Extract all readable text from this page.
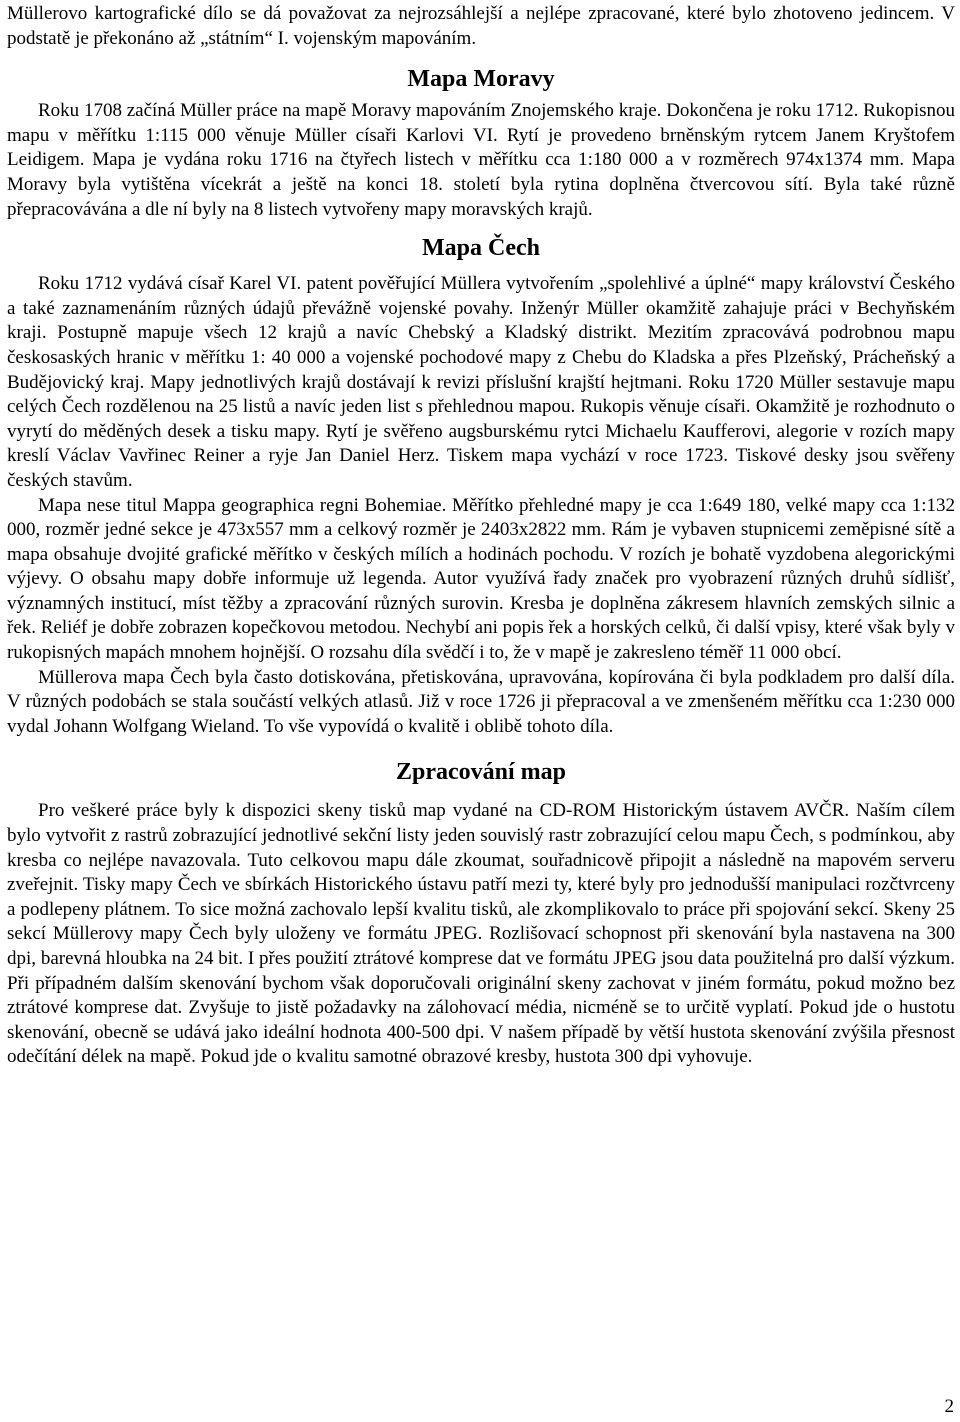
Müllerovo kartografické dílo se dá považovat za nejrozsáhlejší a nejlépe zpracované, které bylo zhotoveno jedincem. V podstatě je překonáno až „státním“ I. vojenským mapováním.

Mapa Moravy

Roku 1708 začíná Müller práce na mapě Moravy mapováním Znojemského kraje. Dokončena je roku 1712. Rukopisnou mapu v měřítku 1:115 000 věnuje Müller císaři Karlovi VI. Rytí je provedeno brněnským rytcem Janem Kryštofem Leidigem. Mapa je vydána roku 1716 na čtyřech listech v měřítku cca 1:180 000 a v rozměrech 974x1374 mm. Mapa Moravy byla vytištěna vícekrát a ještě na konci 18. století byla rytina doplněna čtvercovou sítí. Byla také různě přepracovávána a dle ní byly na 8 listech vytvořeny mapy moravských krajů.

Mapa Čech

Roku 1712 vydává císař Karel VI. patent pověřující Müllera vytvořením „spolehlivé a úplné“ mapy království Českého a také zaznamenáním různých údajů převážně vojenské povahy. Inženýr Müller okamžitě zahajuje práci v Bechyňském kraji. Postupně mapuje všech 12 krajů a navíc Chebský a Kladský distrikt. Mezitím zpracovává podrobnou mapu českosaských hranic v měřítku 1: 40 000 a vojenské pochodové mapy z Chebu do Kladska a přes Plzeňský, Prácheňský a Budějovický kraj. Mapy jednotlivých krajů dostávají k revizi příslušní krajští hejtmani. Roku 1720 Müller sestavuje mapu celých Čech rozdělenou na 25 listů a navíc jeden list s přehlednou mapou. Rukopis věnuje císaři. Okamžitě je rozhodnuto o vyrytí do měděných desek a tisku mapy. Rytí je svěřeno augsburskému rytci Michaelu Kaufferovi, alegorie v rozích mapy kreslí Václav Vavřinec Reiner a ryje Jan Daniel Herz. Tiskem mapa vychází v roce 1723. Tiskové desky jsou svěřeny českých stavům.

Mapa nese titul Mappa geographica regni Bohemiae. Měřítko přehledné mapy je cca 1:649 180, velké mapy cca 1:132 000, rozměr jedné sekce je 473x557 mm a celkový rozměr je 2403x2822 mm. Rám je vybaven stupnicemi zeměpisné sítě a mapa obsahuje dvojité grafické měřítko v českých mílích a hodinách pochodu. V rozích je bohatě vyzdobena alegorickými výjevy. O obsahu mapy dobře informuje už legenda. Autor využívá řady značek pro vyobrazení různých druhů sídlišť, významných institucí, míst těžby a zpracování různých surovin. Kresba je doplněna zákresem hlavních zemských silnic a řek. Reliéf je dobře zobrazen kopečkovou metodou. Nechybí ani popis řek a horských celků, či další vpisy, které však byly v rukopisných mapách mnohem hojnější. O rozsahu díla svědčí i to, že v mapě je zakresleno téměř 11 000 obcí.

Müllerova mapa Čech byla často dotiskována, přetiskována, upravována, kopírována či byla podkladem pro další díla. V různých podobách se stala součástí velkých atlasů. Již v roce 1726 ji přepracoval a ve zmenšeném měřítku cca 1:230 000 vydal Johann Wolfgang Wieland. To vše vypovídá o kvalitě i oblibě tohoto díla.

Zpracování map

Pro veškeré práce byly k dispozici skeny tisků map vydané na CD-ROM Historickým ústavem AVČR. Naším cílem bylo vytvořit z rastrů zobrazující jednotlivé sekční listy jeden souvislý rastr zobrazující celou mapu Čech, s podmínkou, aby kresba co nejlépe navazovala. Tuto celkovou mapu dále zkoumat, souřadnicově připojit a následně na mapovém serveru zveřejnit. Tisky mapy Čech ve sbírkách Historického ústavu patří mezi ty, které byly pro jednodušší manipulaci rozčtvrceny a podlepeny plátnem. To sice možná zachovalo lepší kvalitu tisků, ale zkomplikovalo to práce při spojování sekcí. Skeny 25 sekcí Müllerovy mapy Čech byly uloženy ve formátu JPEG. Rozlišovací schopnost při skenování byla nastavena na 300 dpi, barevná hloubka na 24 bit. I přes použití ztrátové komprese dat ve formátu JPEG jsou data použitelná pro další výzkum. Při případném dalším skenování bychom však doporučovali originální skeny zachovat v jiném formátu, pokud možno bez ztrátové komprese dat. Zvyšuje to jistě požadavky na zálohovací média, nicméně se to určitě vyplatí. Pokud jde o hustotu skenování, obecně se udává jako ideální hodnota 400-500 dpi. V našem případě by větší hustota skenování zvýšila přesnost odečítání délek na mapě. Pokud jde o kvalitu samotné obrazové kresby, hustota 300 dpi vyhovuje.

2
